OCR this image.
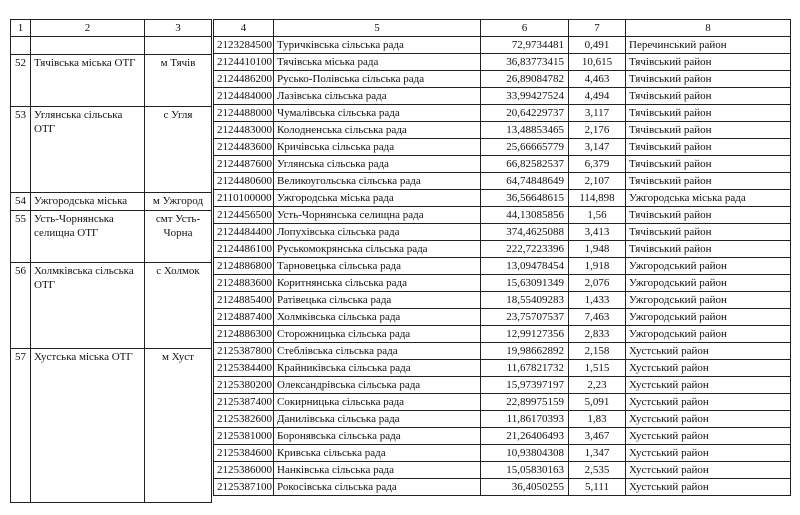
1	2	3

52	Тячівська міська ОТГ	м Тячів
53	Углянська сільська ОТГ	с Угля
54	Ужгородська міська	м Ужгород
55	Усть-Чорнянська селищна ОТГ	смт Усть-Чорна
56	Холмківська сільська ОТГ	с Холмок
57	Хустська міська ОТГ	м Хуст
4	5	6	7	8
2123284500	Туричківська сільська рада	72,9734481	0,491	Перечинський район
2124410100	Тячівська міська рада	36,83773415	10,615	Тячівський район
2124486200	Русько-Полівська сільська рада	26,89084782	4,463	Тячівський район
2124484000	Лазівська сільська рада	33,99427524	4,494	Тячівський район
2124488000	Чумалівська сільська рада	20,64229737	3,117	Тячівський район
2124483000	Колодненська сільська рада	13,48853465	2,176	Тячівський район
2124483600	Кричівська сільська рада	25,66665779	3,147	Тячівський район
2124487600	Углянська сільська рада	66,82582537	6,379	Тячівський район
2124480600	Великоугольська сільська рада	64,74848649	2,107	Тячівський район
2110100000	Ужгородська міська рада	36,56648615	114,898	Ужгородська міська рада
2124456500	Усть-Чорнянська селищна рада	44,13085856	1,56	Тячівський район
2124484400	Лопухівська сільська рада	374,4625088	3,413	Тячівський район
2124486100	Руськомокрянська сільська рада	222,7223396	1,948	Тячівський район
2124886800	Тарновецька сільська рада	13,09478454	1,918	Ужгородський район
2124883600	Коритнянська сільська рада	15,63091349	2,076	Ужгородський район
2124885400	Ратівецька сільська рада	18,55409283	1,433	Ужгородський район
2124887400	Холмківська сільська рада	23,75707537	7,463	Ужгородський район
2124886300	Сторожницька сільська рада	12,99127356	2,833	Ужгородський район
2125387800	Стеблівська сільська рада	19,98662892	2,158	Хустський район
2125384400	Крайниківська сільська рада	11,67821732	1,515	Хустський район
2125380200	Олександрівська сільська рада	15,97397197	2,23	Хустський район
2125387400	Сокирницька сільська рада	22,89975159	5,091	Хустський район
2125382600	Данилівська сільська рада	11,86170393	1,83	Хустський район
2125381000	Боронявська сільська рада	21,26406493	3,467	Хустський район
2125384600	Кривська сільська рада	10,93804308	1,347	Хустський район
2125386000	Нанківська сільська рада	15,05830163	2,535	Хустський район
2125387100	Рокосівська сільська рада	36,4050255	5,111	Хустський район
